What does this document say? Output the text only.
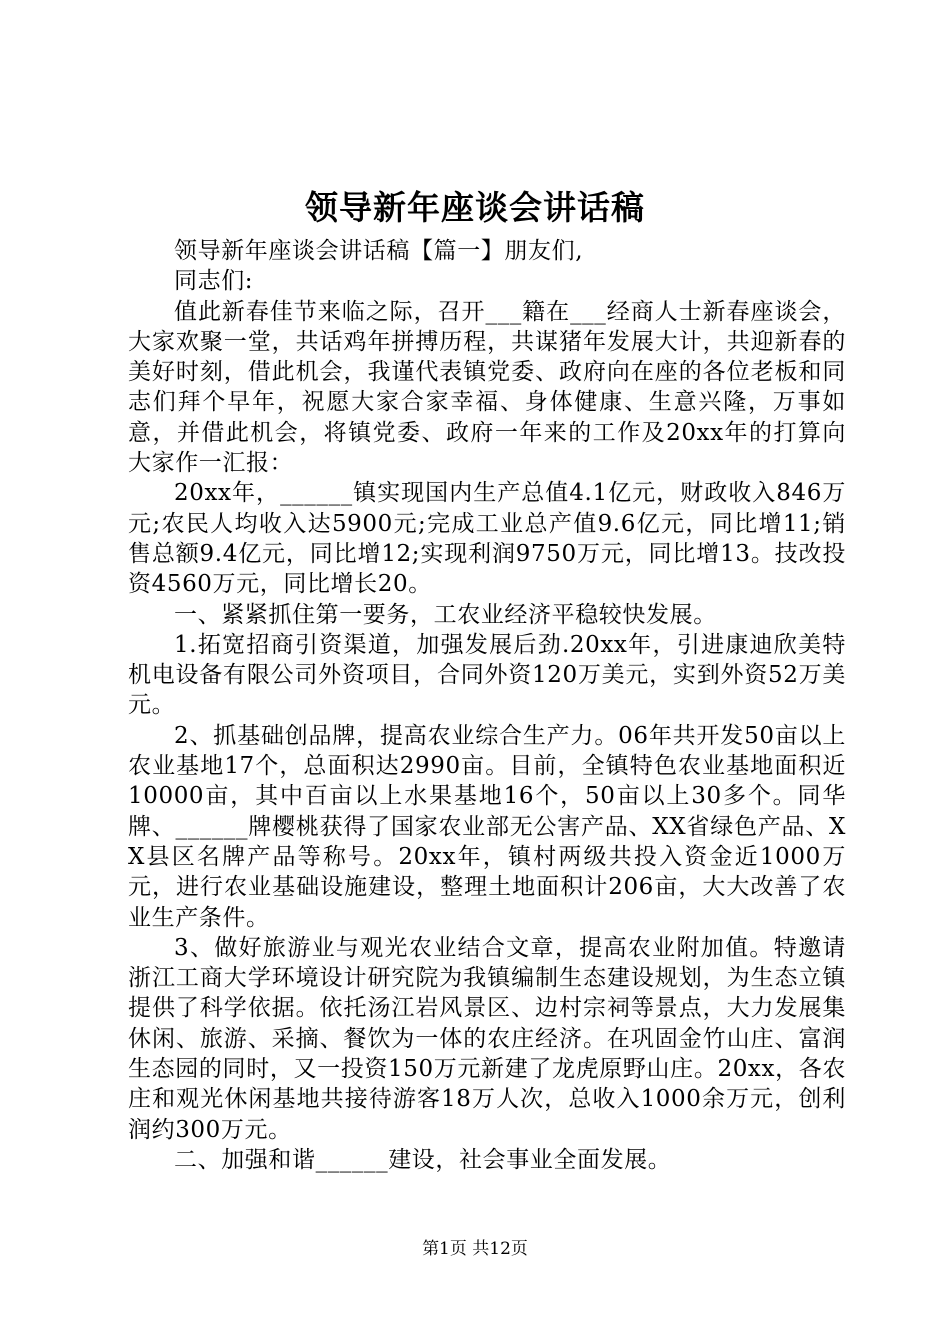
领导新年座谈会讲话稿

领导新年座谈会讲话稿【篇一】朋友们,

同志们:

值此新春佳节来临之际，召开___籍在___经商人士新春座谈会，大家欢聚一堂，共话鸡年拼搏历程，共谋猪年发展大计，共迎新春的美好时刻，借此机会，我谨代表镇党委、政府向在座的各位老板和同志们拜个早年，祝愿大家合家幸福、身体健康、生意兴隆，万事如意，并借此机会，将镇党委、政府一年来的工作及20xx年的打算向大家作一汇报：

20xx年，______镇实现国内生产总值4.1亿元，财政收入846万元;农民人均收入达5900元;完成工业总产值9.6亿元，同比增11;销售总额9.4亿元，同比增12;实现利润9750万元，同比增13。技改投资4560万元，同比增长20。

一、紧紧抓住第一要务，工农业经济平稳较快发展。

1.拓宽招商引资渠道，加强发展后劲.20xx年，引进康迪欣美特机电设备有限公司外资项目，合同外资120万美元，实到外资52万美元。

2、抓基础创品牌，提高农业综合生产力。06年共开发50亩以上农业基地17个，总面积达2990亩。目前，全镇特色农业基地面积近10000亩，其中百亩以上水果基地16个，50亩以上30多个。同华牌、______牌樱桃获得了国家农业部无公害产品、XX省绿色产品、XX县区名牌产品等称号。20xx年，镇村两级共投入资金近1000万元，进行农业基础设施建设，整理土地面积计206亩，大大改善了农业生产条件。

3、做好旅游业与观光农业结合文章，提高农业附加值。特邀请浙江工商大学环境设计研究院为我镇编制生态建设规划，为生态立镇提供了科学依据。依托汤江岩风景区、边村宗祠等景点，大力发展集休闲、旅游、采摘、餐饮为一体的农庄经济。在巩固金竹山庄、富润生态园的同时，又一投资150万元新建了龙虎原野山庄。20xx，各农庄和观光休闲基地共接待游客18万人次，总收入1000余万元，创利润约300万元。

二、加强和谐______建设，社会事业全面发展。

第1页 共12页
